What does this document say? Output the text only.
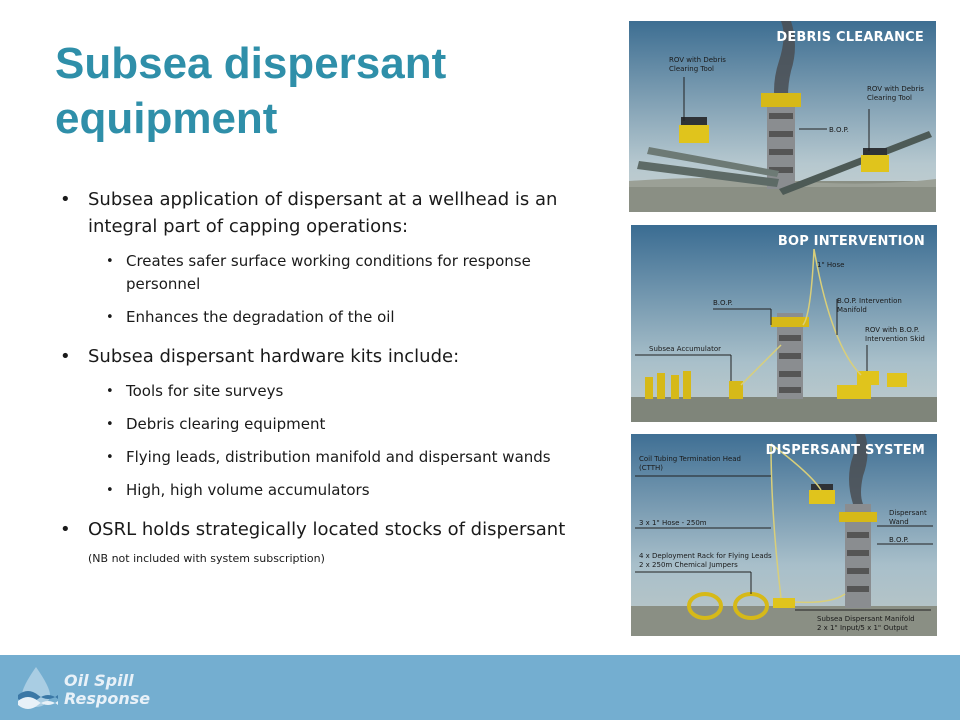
Subsea dispersant equipment
• Subsea application of dispersant at a wellhead is an integral part of capping operations:
• Creates safer surface working conditions for response personnel
• Enhances the degradation of the oil
• Subsea dispersant hardware kits include:
• Tools for site surveys
• Debris clearing equipment
• Flying leads, distribution manifold and dispersant wands
• High, high volume accumulators
• OSRL holds strategically located stocks of dispersant (NB not included with system subscription)
ROV with Debris
Clearing Tool
ROV with Debris
Clearing Tool
B.O.P.
DEBRIS CLEARANCE
1" Hose
B.O.P.	B.O.P. Intervention
Manifold
ROV with B.O.P.
Intervention Skid
Subsea Accumulator
BOP INTERVENTION
Coil Tubing Termination Head
(CTTH)
3 x 1" Hose - 250m
4 x Deployment Rack for Flying Leads
2 x 250m Chemical Jumpers
Dispersant
Wand
B.O.P.
Subsea Dispersant Manifold
2 x 1" Input/5 x 1" Output
DISPERSANT SYSTEM
Oil Spill
Response
